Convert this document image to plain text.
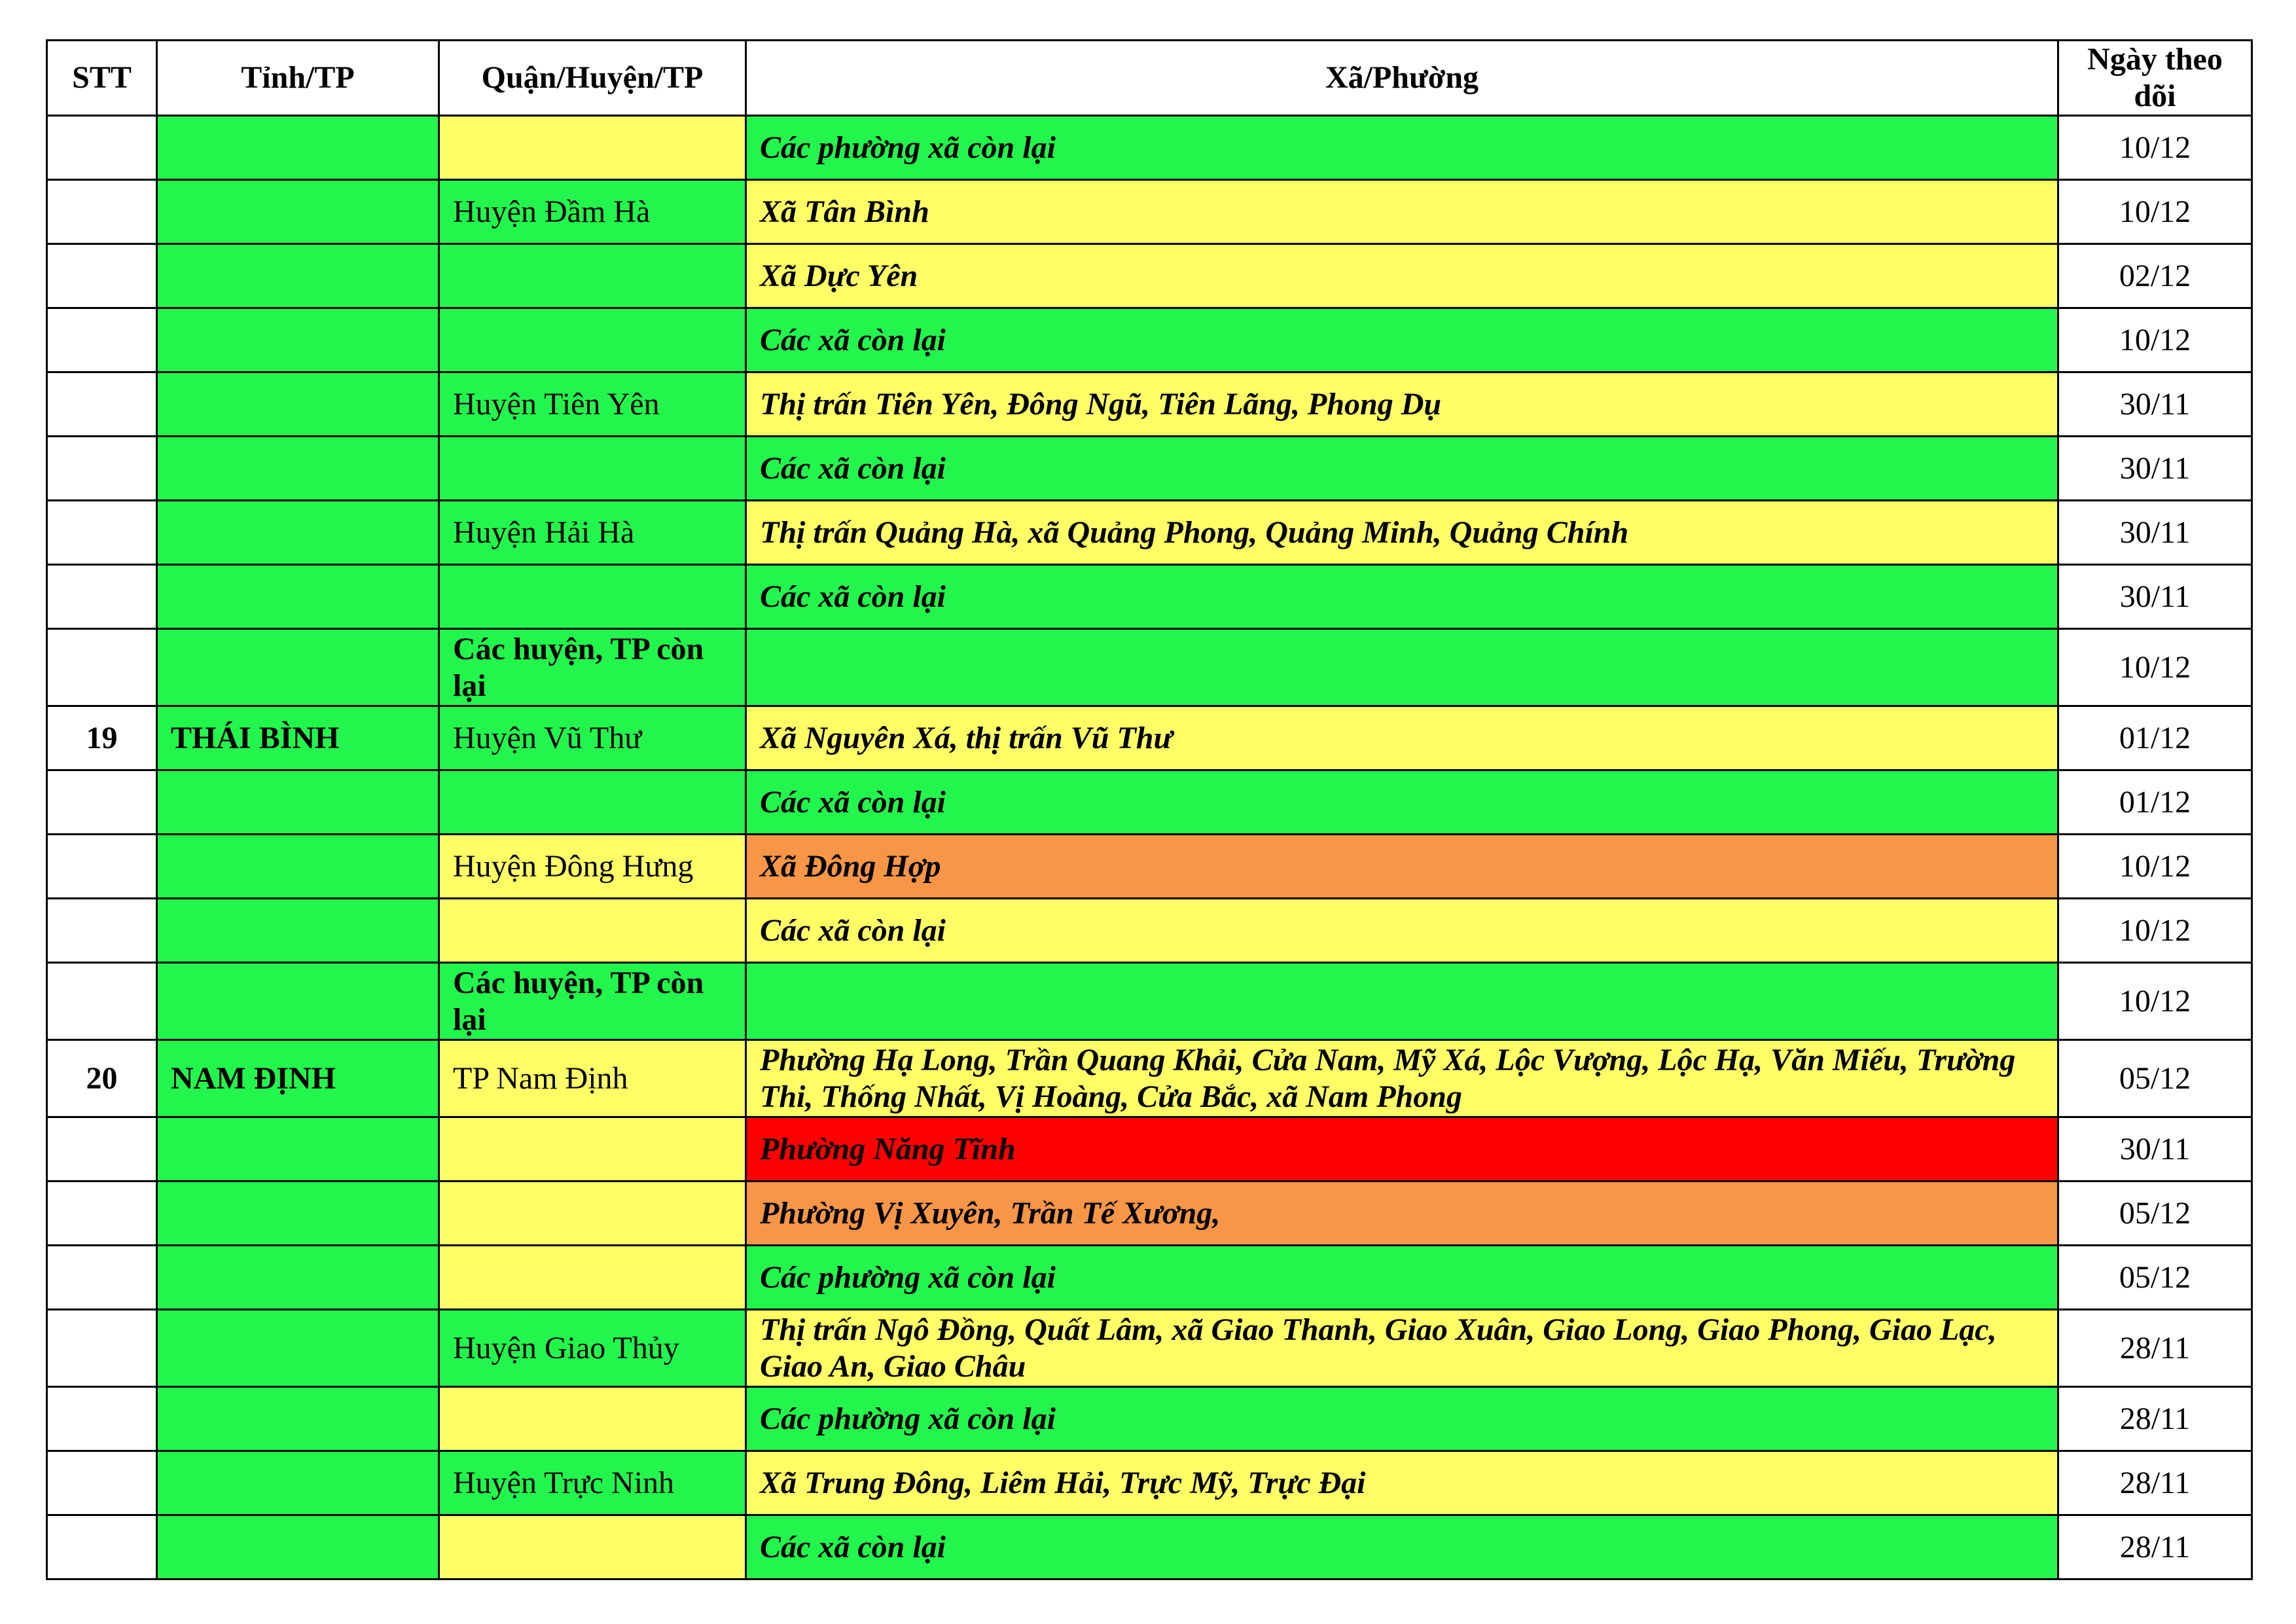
STT	Tỉnh/TP	Quận/Huyện/TP	Xã/Phường	Ngày theo dõi
			Các phường xã còn lại	10/12
		Huyện Đầm Hà	Xã Tân Bình	10/12
			Xã Dực Yên	02/12
			Các xã còn lại	10/12
		Huyện Tiên Yên	Thị trấn Tiên Yên, Đông Ngũ, Tiên Lãng, Phong Dụ	30/11
			Các xã còn lại	30/11
		Huyện Hải Hà	Thị trấn Quảng Hà, xã Quảng Phong, Quảng Minh, Quảng Chính	30/11
			Các xã còn lại	30/11
		Các huyện, TP còn lại		10/12
19	THÁI BÌNH	Huyện Vũ Thư	Xã Nguyên Xá, thị trấn Vũ Thư	01/12
			Các xã còn lại	01/12
		Huyện Đông Hưng	Xã Đông Hợp	10/12
			Các xã còn lại	10/12
		Các huyện, TP còn lại		10/12
20	NAM ĐỊNH	TP Nam Định	Phường Hạ Long, Trần Quang Khải, Cửa Nam, Mỹ Xá, Lộc Vượng, Lộc Hạ, Văn Miếu, Trường Thi, Thống Nhất, Vị Hoàng, Cửa Bắc, xã Nam Phong	05/12
			Phường Năng Tĩnh	30/11
			Phường Vị Xuyên, Trần Tế Xương,	05/12
			Các phường xã còn lại	05/12
		Huyện Giao Thủy	Thị trấn Ngô Đồng, Quất Lâm, xã Giao Thanh, Giao Xuân, Giao Long, Giao Phong, Giao Lạc, Giao An, Giao Châu	28/11
			Các phường xã còn lại	28/11
		Huyện Trực Ninh	Xã Trung Đông, Liêm Hải, Trực Mỹ, Trực Đại	28/11
			Các xã còn lại	28/11
